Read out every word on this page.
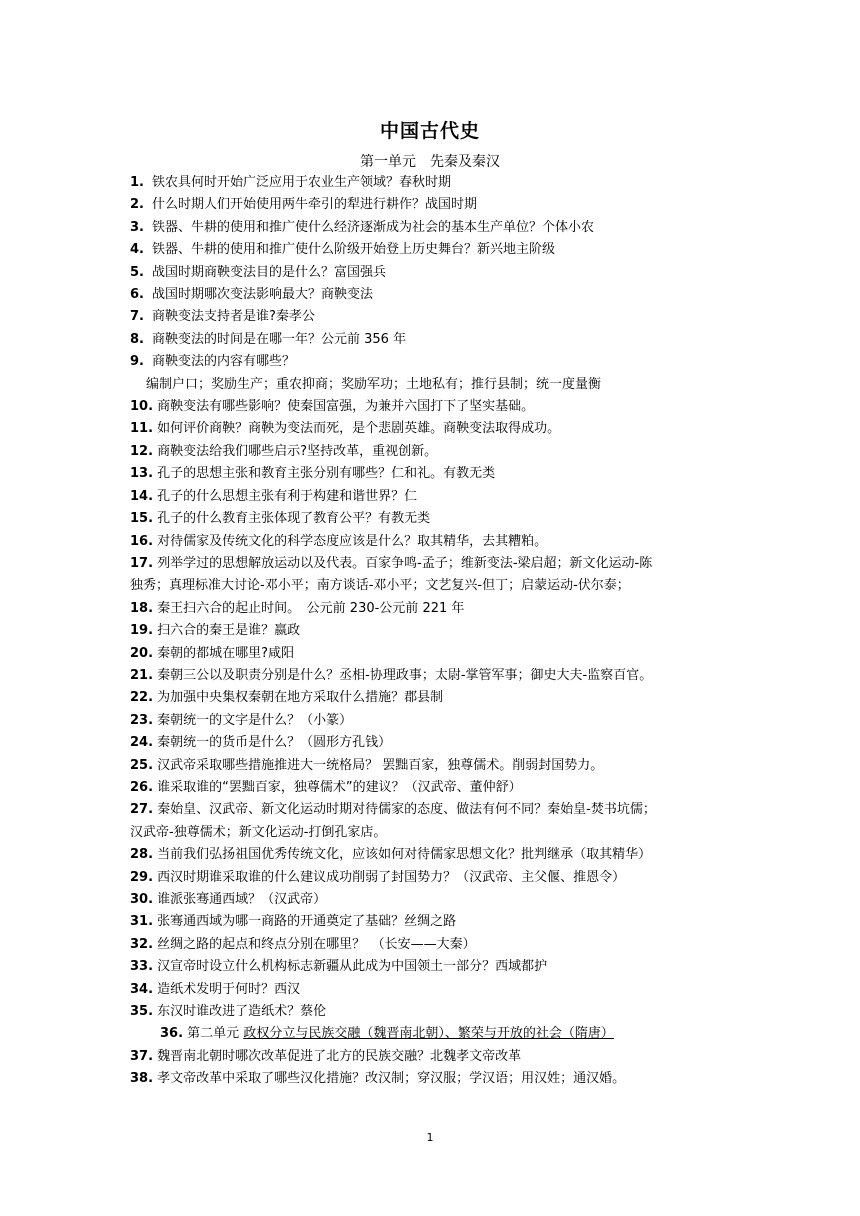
中国古代史
第一单元　先秦及秦汉
1. 铁农具何时开始广泛应用于农业生产领域？春秋时期
2. 什么时期人们开始使用两牛牵引的犁进行耕作？战国时期
3. 铁器、牛耕的使用和推广使什么经济逐渐成为社会的基本生产单位？个体小农
4. 铁器、牛耕的使用和推广使什么阶级开始登上历史舞台？新兴地主阶级
5. 战国时期商鞅变法目的是什么？富国强兵
6. 战国时期哪次变法影响最大？商鞅变法
7. 商鞅变法支持者是谁?秦孝公
8. 商鞅变法的时间是在哪一年？公元前 356 年
9. 商鞅变法的内容有哪些？
编制户口；奖励生产；重农抑商；奖励军功；土地私有；推行县制；统一度量衡
10. 商鞅变法有哪些影响？使秦国富强，为兼并六国打下了坚实基础。
11. 如何评价商鞅？商鞅为变法而死，是个悲剧英雄。商鞅变法取得成功。
12. 商鞅变法给我们哪些启示?坚持改革，重视创新。
13. 孔子的思想主张和教育主张分别有哪些？仁和礼。有教无类
14. 孔子的什么思想主张有利于构建和谐世界？仁
15. 孔子的什么教育主张体现了教育公平？有教无类
16. 对待儒家及传统文化的科学态度应该是什么？取其精华，去其糟粕。
17. 列举学过的思想解放运动以及代表。百家争鸣-孟子；维新变法-梁启超；新文化运动-陈
独秀；真理标准大讨论-邓小平；南方谈话-邓小平；文艺复兴-但丁；启蒙运动-伏尔泰；
18. 秦王扫六合的起止时间。　公元前 230-公元前 221 年
19. 扫六合的秦王是谁？嬴政
20. 秦朝的都城在哪里?咸阳
21. 秦朝三公以及职责分别是什么？丞相-协理政事；太尉-掌管军事；御史大夫-监察百官。
22. 为加强中央集权秦朝在地方采取什么措施？郡县制
23. 秦朝统一的文字是什么？（小篆）
24. 秦朝统一的货币是什么？（圆形方孔钱）
25. 汉武帝采取哪些措施推进大一统格局？ 罢黜百家，独尊儒术。削弱封国势力。
26. 谁采取谁的“罢黜百家，独尊儒术”的建议？（汉武帝、董仲舒）
27. 秦始皇、汉武帝、新文化运动时期对待儒家的态度、做法有何不同？秦始皇-焚书坑儒；
汉武帝-独尊儒术；新文化运动-打倒孔家店。
28. 当前我们弘扬祖国优秀传统文化，应该如何对待儒家思想文化？批判继承（取其精华）
29. 西汉时期谁采取谁的什么建议成功削弱了封国势力？（汉武帝、主父偃、推恩令）
30. 谁派张骞通西域？（汉武帝）
31. 张骞通西域为哪一商路的开通奠定了基础？丝绸之路
32. 丝绸之路的起点和终点分别在哪里？　（长安——大秦）
33. 汉宣帝时设立什么机构标志新疆从此成为中国领土一部分？西域都护
34. 造纸术发明于何时？西汉
35. 东汉时谁改进了造纸术？蔡伦
36. 第二单元 政权分立与民族交融（魏晋南北朝）、繁荣与开放的社会（隋唐）
37. 魏晋南北朝时哪次改革促进了北方的民族交融？北魏孝文帝改革
38. 孝文帝改革中采取了哪些汉化措施？改汉制；穿汉服；学汉语；用汉姓；通汉婚。
1
